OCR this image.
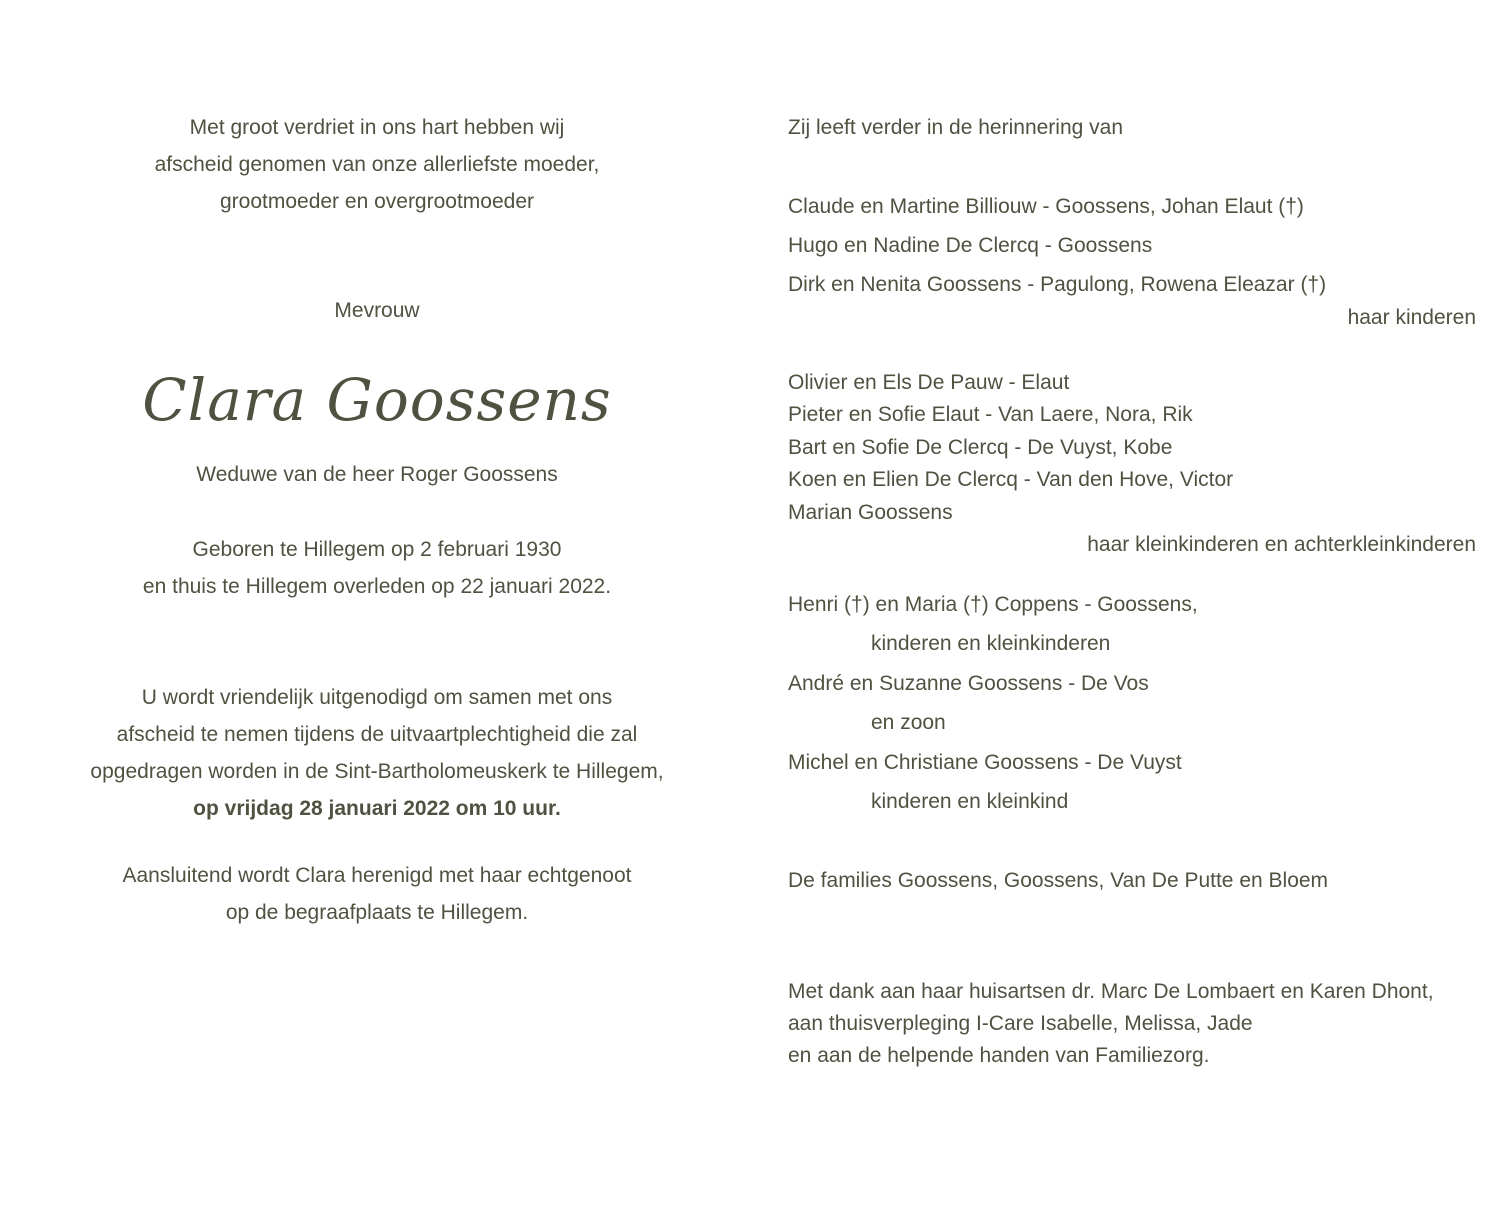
Met groot verdriet in ons hart hebben wij
afscheid genomen van onze allerliefste moeder,
grootmoeder en overgrootmoeder
Mevrouw
Clara Goossens
Weduwe van de heer Roger Goossens
Geboren te Hillegem op 2 februari 1930
en thuis te Hillegem overleden op 22 januari 2022.
U wordt vriendelijk uitgenodigd om samen met ons
afscheid te nemen tijdens de uitvaartplechtigheid die zal
opgedragen worden in de Sint-Bartholomeuskerk te Hillegem,
op vrijdag 28 januari 2022 om 10 uur.
Aansluitend wordt Clara herenigd met haar echtgenoot
op de begraafplaats te Hillegem.
Zij leeft verder in de herinnering van
Claude en Martine Billiouw - Goossens, Johan Elaut (†)
Hugo en Nadine De Clercq - Goossens
Dirk en Nenita Goossens - Pagulong, Rowena Eleazar (†)
haar kinderen
Olivier en Els De Pauw - Elaut
Pieter en Sofie Elaut - Van Laere, Nora, Rik
Bart en Sofie De Clercq - De Vuyst, Kobe
Koen en Elien De Clercq - Van den Hove, Victor
Marian Goossens
haar kleinkinderen en achterkleinkinderen
Henri (†) en Maria (†) Coppens - Goossens,
kinderen en kleinkinderen
André en Suzanne Goossens - De Vos
en zoon
Michel en Christiane Goossens - De Vuyst
kinderen en kleinkind
De families Goossens, Goossens, Van De Putte en Bloem
Met dank aan haar huisartsen dr. Marc De Lombaert en Karen Dhont,
aan thuisverpleging I-Care Isabelle, Melissa, Jade
en aan de helpende handen van Familiezorg.
